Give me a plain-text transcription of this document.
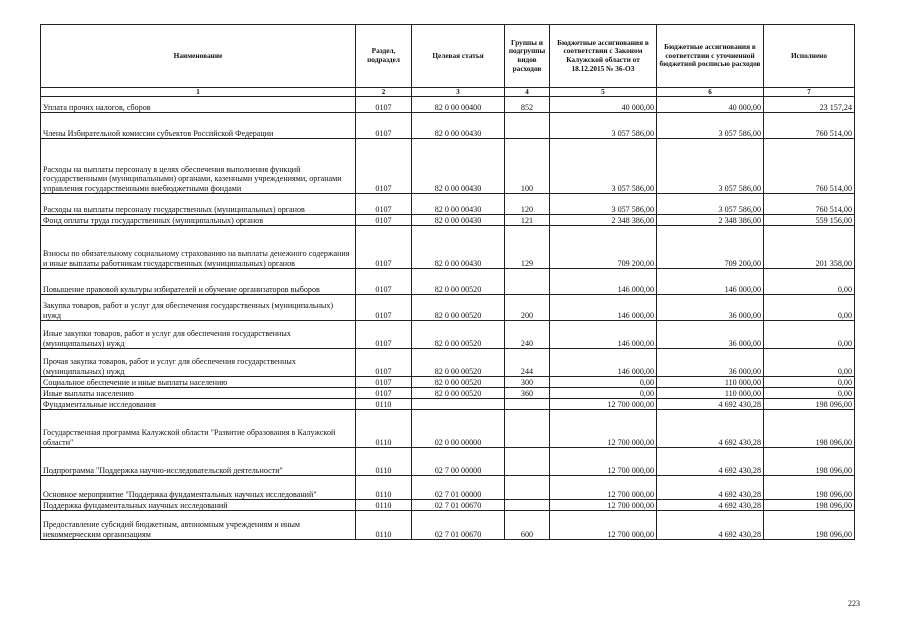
Наименование	Раздел, подраздел	Целевая статья	Группы и подгруппы видов расходов	Бюджетные ассигнования в соответствии с Законом Калужской области от 18.12.2015 № 36-ОЗ	Бюджетные ассигнования в соответствии с уточненной бюджетной росписью расходов	Исполнено
1	2	3	4	5	6	7
Уплата прочих налогов, сборов	0107	82 0 00 00400	852	40 000,00	40 000,00	23 157,24
Члены Избирательной комиссии субъектов Российской Федерации	0107	82 0 00 00430		3 057 586,00	3 057 586,00	760 514,00
Расходы на выплаты персоналу в целях обеспечения выполнения функций государственными (муниципальными) органами, казенными учреждениями, органами управления государственными внебюджетными фондами	0107	82 0 00 00430	100	3 057 586,00	3 057 586,00	760 514,00
Расходы на выплаты персоналу государственных (муниципальных) органов	0107	82 0 00 00430	120	3 057 586,00	3 057 586,00	760 514,00
Фонд оплаты труда государственных (муниципальных) органов	0107	82 0 00 00430	121	2 348 386,00	2 348 386,00	559 156,00
Взносы по обязательному социальному страхованию на выплаты денежного содержания и иные выплаты работникам государственных (муниципальных) органов	0107	82 0 00 00430	129	709 200,00	709 200,00	201 358,00
Повышение правовой культуры избирателей и обучение организаторов выборов	0107	82 0 00 00520		146 000,00	146 000,00	0,00
Закупка товаров, работ и услуг для обеспечения государственных (муниципальных) нужд	0107	82 0 00 00520	200	146 000,00	36 000,00	0,00
Иные закупки товаров, работ и услуг для обеспечения государственных (муниципальных) нужд	0107	82 0 00 00520	240	146 000,00	36 000,00	0,00
Прочая закупка товаров, работ и услуг для обеспечения государственных (муниципальных) нужд	0107	82 0 00 00520	244	146 000,00	36 000,00	0,00
Социальное обеспечение и иные выплаты населению	0107	82 0 00 00520	300	0,00	110 000,00	0,00
Иные выплаты населению	0107	82 0 00 00520	360	0,00	110 000,00	0,00
Фундаментальные исследования	0110			12 700 000,00	4 692 430,28	198 096,00
Государственная программа Калужской области "Развитие образования в Калужской области"	0110	02 0 00 00000		12 700 000,00	4 692 430,28	198 096,00
Подпрограмма "Поддержка научно-исследовательской деятельности"	0110	02 7 00 00000		12 700 000,00	4 692 430,28	198 096,00
Основное мероприятие "Поддержка фундаментальных научных исследований"	0110	02 7 01 00000		12 700 000,00	4 692 430,28	198 096,00
Поддержка фундаментальных научных исследований	0110	02 7 01 00670		12 700 000,00	4 692 430,28	198 096,00
Предоставление субсидий бюджетным, автономным учреждениям и иным некоммерческим организациям	0110	02 7 01 00670	600	12 700 000,00	4 692 430,28	198 096,00
223
